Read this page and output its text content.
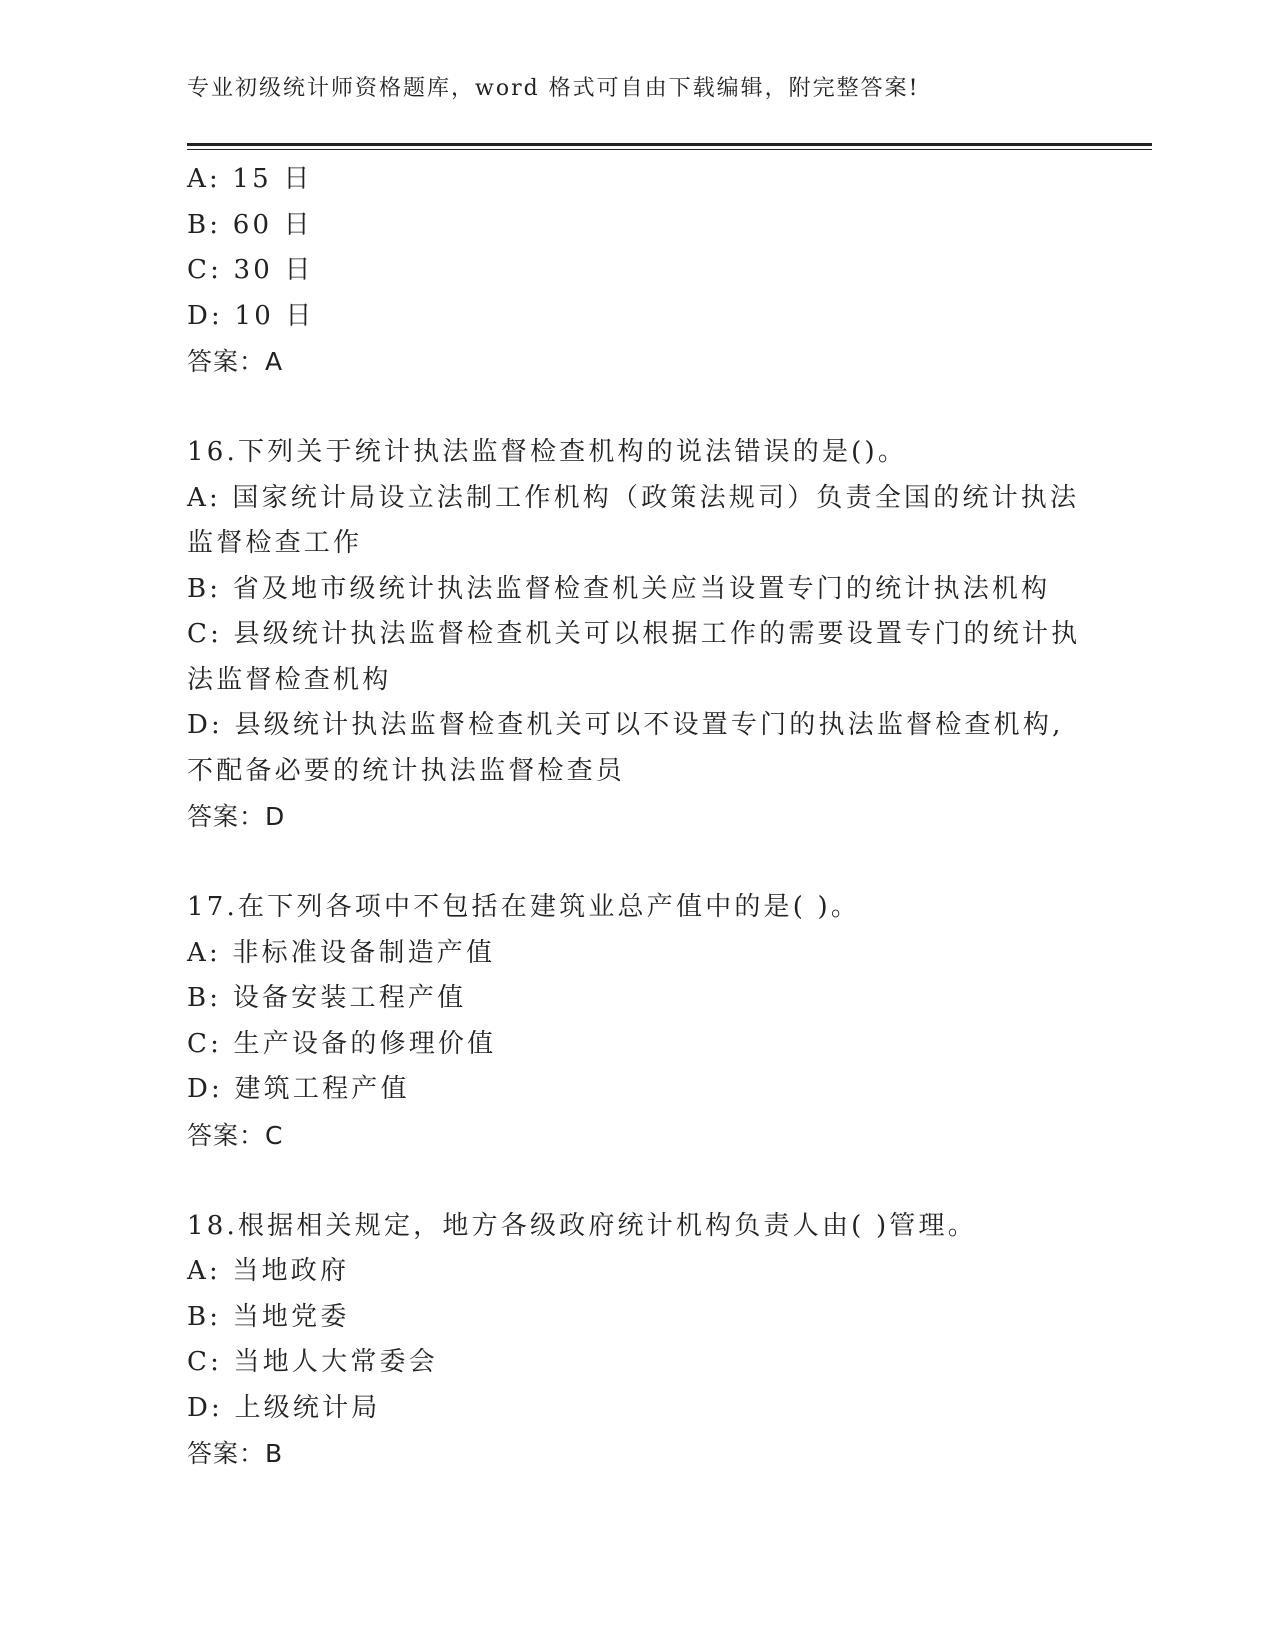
专业初级统计师资格题库，word 格式可自由下载编辑，附完整答案!
A: 15 日
B: 60 日
C: 30 日
D: 10 日
答案：A
16.下列关于统计执法监督检查机构的说法错误的是()。
A: 国家统计局设立法制工作机构（政策法规司）负责全国的统计执法
监督检查工作
B: 省及地市级统计执法监督检查机关应当设置专门的统计执法机构
C: 县级统计执法监督检查机关可以根据工作的需要设置专门的统计执
法监督检查机构
D: 县级统计执法监督检查机关可以不设置专门的执法监督检查机构,
不配备必要的统计执法监督检查员
答案：D
17.在下列各项中不包括在建筑业总产值中的是( )。
A: 非标准设备制造产值
B: 设备安装工程产值
C: 生产设备的修理价值
D: 建筑工程产值
答案：C
18.根据相关规定，地方各级政府统计机构负责人由( )管理。
A: 当地政府
B: 当地党委
C: 当地人大常委会
D: 上级统计局
答案：B
